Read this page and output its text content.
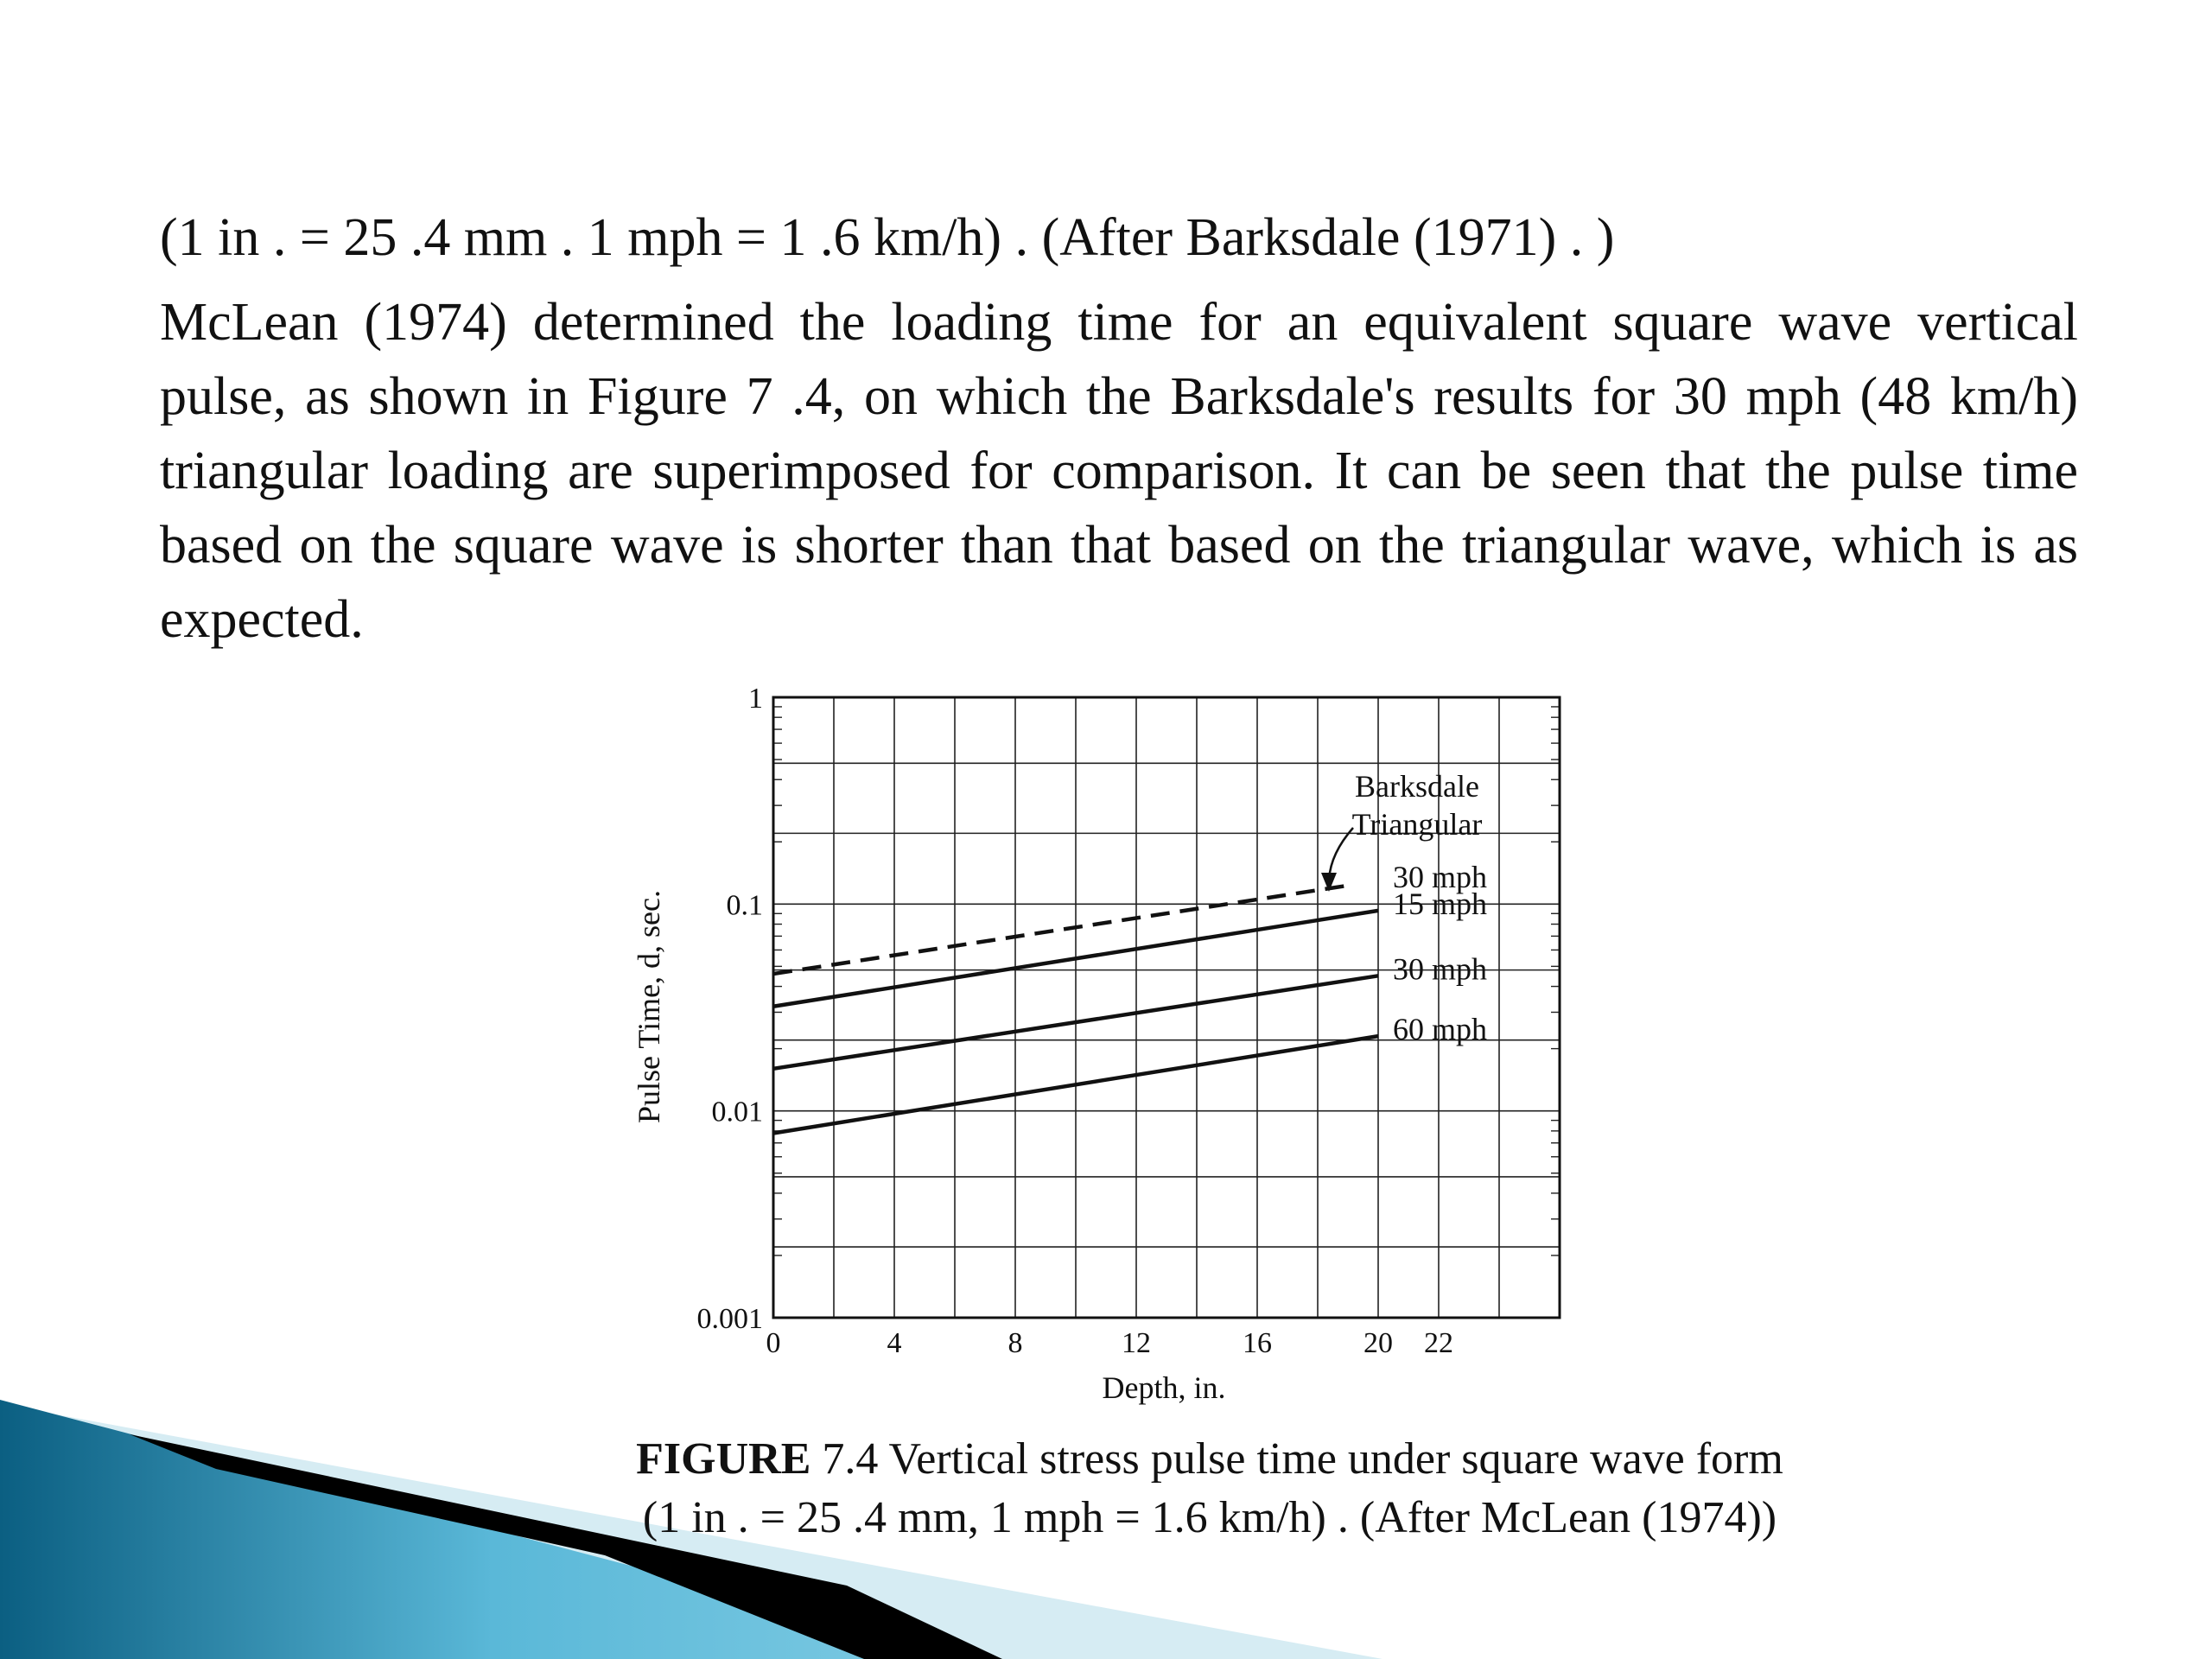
(1 in . = 25 .4 mm . 1 mph = 1 .6 km/h) . (After Barksdale (1971) . )

McLean (1974) determined the loading time for an equivalent square wave vertical pulse, as shown in Figure 7 .4, on which the Barksdale's results for 30 mph (48 km/h) triangular loading are superimposed for comparison. It can be seen that the pulse time based on the square wave is shorter than that based on the triangular wave, which is as expected.

1
0.1
0.01
0.001
0	4	8	12	16	20 22
30 mph
15 mph
30 mph
60 mph
Barksdale
Triangular
Depth, in.
Pulse Time, d, sec.

FIGURE 7.4 Vertical stress pulse time under square wave form

(1 in . = 25 .4 mm, 1 mph = 1.6 km/h) . (After McLean (1974))
